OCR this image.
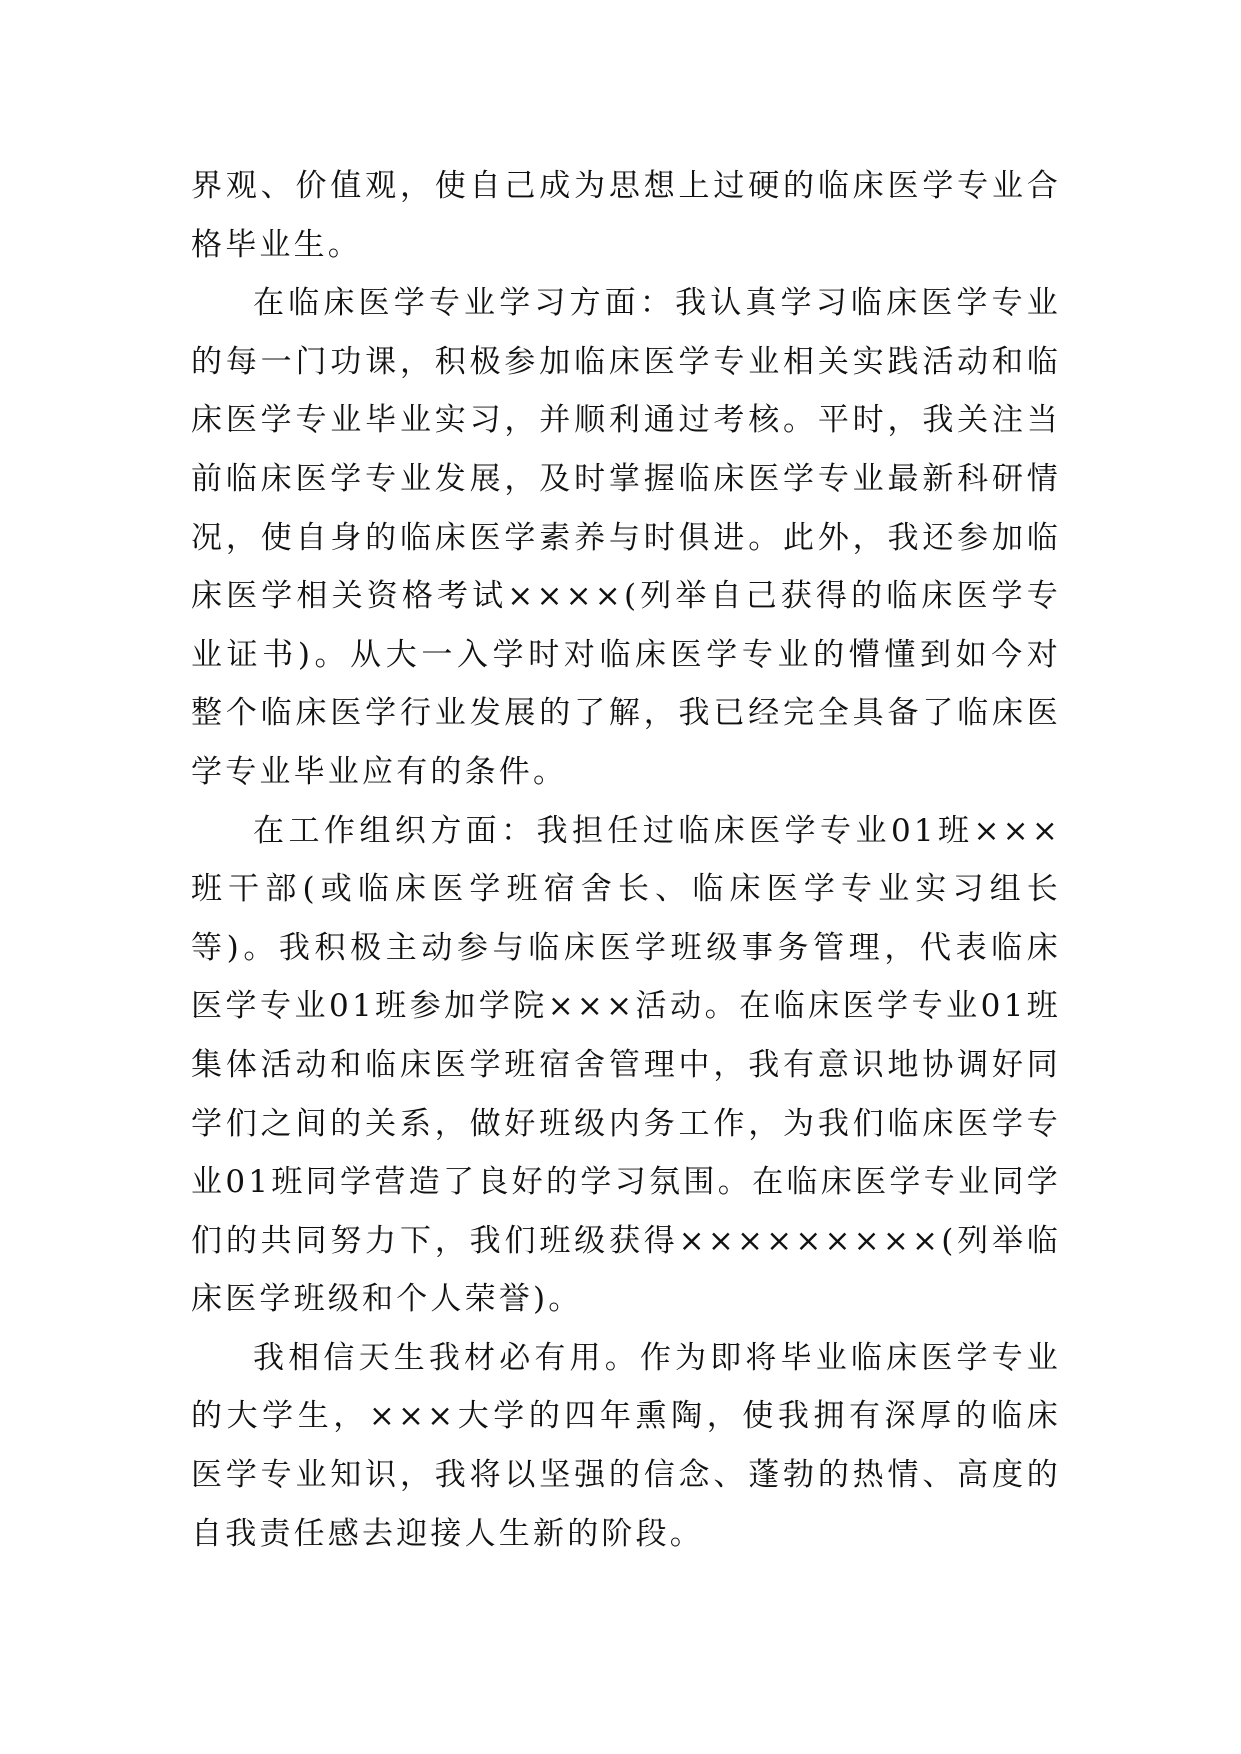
界观、价值观，使自己成为思想上过硬的临床医学专业合格毕业生。

在临床医学专业学习方面：我认真学习临床医学专业的每一门功课，积极参加临床医学专业相关实践活动和临床医学专业毕业实习，并顺利通过考核。平时，我关注当前临床医学专业发展，及时掌握临床医学专业最新科研情况，使自身的临床医学素养与时俱进。此外，我还参加临床医学相关资格考试××××(列举自己获得的临床医学专业证书)。从大一入学时对临床医学专业的懵懂到如今对整个临床医学行业发展的了解，我已经完全具备了临床医学专业毕业应有的条件。

在工作组织方面：我担任过临床医学专业01班×××班干部(或临床医学班宿舍长、临床医学专业实习组长等)。我积极主动参与临床医学班级事务管理，代表临床医学专业01班参加学院×××活动。在临床医学专业01班集体活动和临床医学班宿舍管理中，我有意识地协调好同学们之间的关系，做好班级内务工作，为我们临床医学专业01班同学营造了良好的学习氛围。在临床医学专业同学们的共同努力下，我们班级获得×××××××××(列举临床医学班级和个人荣誉)。

我相信天生我材必有用。作为即将毕业临床医学专业的大学生，×××大学的四年熏陶，使我拥有深厚的临床医学专业知识，我将以坚强的信念、蓬勃的热情、高度的自我责任感去迎接人生新的阶段。
